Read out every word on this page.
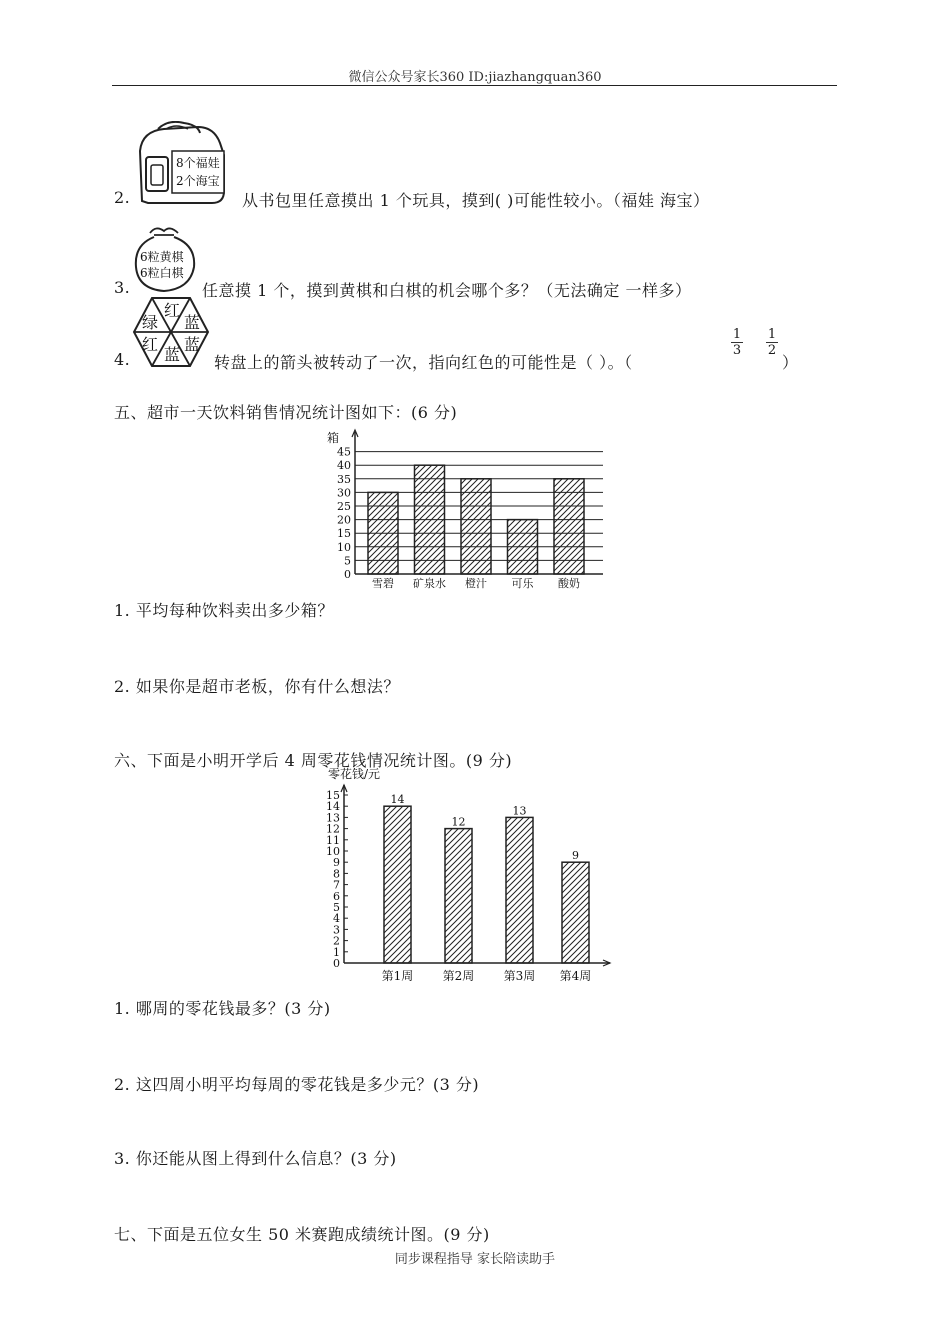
微信公众号家长360 ID:jiazhangquan360
2.
8个福娃
2个海宝
从书包里任意摸出 1 个玩具，摸到( )可能性较小。（福娃 海宝）
3.
6粒黄棋
6粒白棋
任意摸 1 个，摸到黄棋和白棋的机会哪个多？（无法确定 一样多）
4.
红
蓝
蓝
蓝
红
绿
转盘上的箭头被转动了一次，指向红色的可能性是（ ）。（
$\frac{1}{3} \frac{1}{2}$
）
五、超市一天饮料销售情况统计图如下：(6 分)
0
5
10
15
20
25
30
35
40
45
箱
雪碧 矿泉水 橙汁 可乐 酸奶
1. 平均每种饮料卖出多少箱？
2. 如果你是超市老板，你有什么想法？
六、下面是小明开学后 4 周零花钱情况统计图。(9 分)
零花钱/元
0
1
2
3
4
5
6
7
8
9
10
11
12
13
14
15	14
第1周
12
第2周
13
第3周
9
第4周
1. 哪周的零花钱最多？(3 分)
2. 这四周小明平均每周的零花钱是多少元？(3 分)
3. 你还能从图上得到什么信息？(3 分)
七、下面是五位女生 50 米赛跑成绩统计图。(9 分)
同步课程指导 家长陪读助手
